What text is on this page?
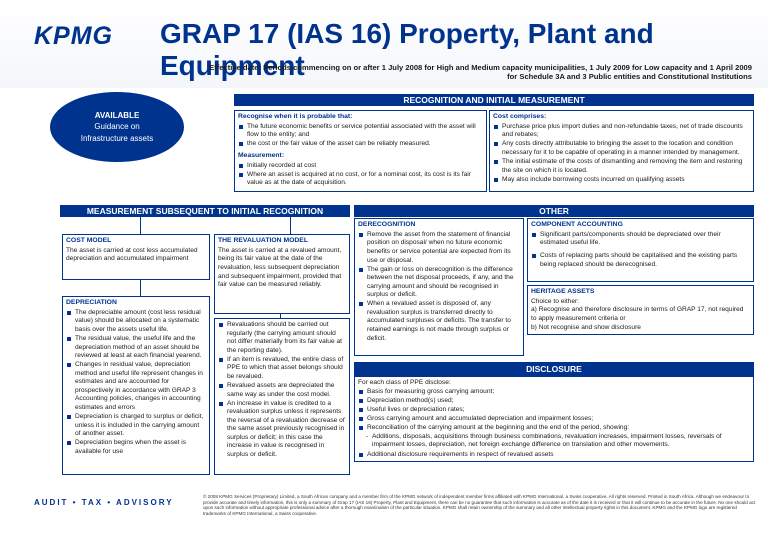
KPMG	GRAP 17 (IAS 16) Property, Plant and Equipment
Effective date: Periods commencing on or after 1 July 2008 for High and Medium capacity municipalities, 1 July 2009 for Low capacity and 1 April 2009
for Schedule 3A and 3 Public entities and Constitutional Institutions
AVAILABLE
Guidance on
Infrastructure assets
RECOGNITION AND INITIAL MEASUREMENT
Recognise when it is probable that:
The future economic benefits or service potential associated with the asset will flow to the entity; and
the cost or the fair value of the asset can be reliably measured.
Measurement:
Initially recorded at cost
Where an asset is acquired at no cost, or for a nominal cost, its cost is its fair value as at the date of acquisition.
Cost comprises:
Purchase price plus import duties and non-refundable taxes, net of trade discounts and rebates;
Any costs directly attributable to bringing the asset to the location and condition necessary for it to be capable of operating in a manner intended by management.
The initial estimate of the costs of dismantling and removing the item and restoring the site on which it is located.
May also include borrowing costs incurred on qualifying assets
MEASUREMENT SUBSEQUENT TO INITIAL RECOGNITION
COST MODEL

The asset is carried at cost less accumulated depreciation and accumulated impairment

THE REVALUATION MODEL

The asset is carried at a revalued amount, being its fair value at the date of the revaluation, less subsequent depreciation and subsequent impairment, provided that fair value can be measured reliably.

DEPRECIATION
The depreciable amount (cost less residual value) should be allocated on a systematic basis over the assets useful life.
The residual value, the useful life and the depreciation method of an asset should be reviewed at least at each financial yearend.
Changes in residual value, depreciation method and useful life represent changes in estimates and are accounted for prospectively in accordance with GRAP 3 Accounting policies, changes in accounting estimates and errors
Depreciation is charged to surplus or deficit, unless it is included in the carrying amount of another asset.
Depreciation begins when the asset is available for use
Revaluations should be carried out regularly (the carrying amount should not differ materially from its fair value at the reporting date).
If an item is revalued, the entire class of PPE to which that asset belongs should be revalued.
Revalued assets are depreciated the same way as under the cost model.
An increase in value is credited to a revaluation surplus unless it represents the reversal of a revaluation decrease of the same asset previously recognised in surplus or deficit; in this case the increase in value is recognised in surplus or deficit.
OTHER
DERECOGNITION
Remove the asset from the statement of financial position on disposal/ when no future economic benefits or service potential are expected from its use or disposal.
The gain or loss on derecognition is the difference between the net disposal proceeds, if any, and the carrying amount and should be recognised in surplus or deficit.
When a revalued asset is disposed of, any revaluation surplus is transferred directly to accumulated surpluses or deficits. The transfer to retained earnings is not made through surplus or deficit.
COMPONENT ACCOUNTING
Significant parts/components should be depreciated over their estimated useful life.
Costs of replacing parts should be capitalised and the existing parts being replaced should be derecognised.
HERITAGE ASSETS

Choice to either:

a) Recognise and therefore disclosure in terms of GRAP 17, not required to apply measurement criteria or

b) Not recognise and show disclosure

DISCLOSURE

For each class of PPE disclose:

Basis for measuring gross carrying amount;
Depreciation method(s) used;
Useful lives or depreciation rates;
Gross carrying amount and accumulated depreciation and impairment losses;
Reconciliation of the carrying amount at the beginning and the end of the period, showing:
- Additions, disposals, acquisitions through business combinations, revaluation increases, impairment losses, reversals of impairment losses, depreciation, net foreign exchange difference on translation and other movements.
Additional disclosure requirements in respect of revalued assets
AUDIT • TAX • ADVISORY
© 2008 KPMG Services (Proprietary) Limited, a South African company and a member firm of the KPMG network of independent member firms affiliated with KPMG International, a Swiss cooperative. All rights reserved. Printed in South Africa. Although we endeavour to provide accurate and timely information, this is only a summary of Grap 17 (IAS 16) Property, Plant and Equipment, there can be no guarantee that such information is accurate as of the date it is received or that it will continue to be accurate in the future. No one should act upon such information without appropriate professional advice after a thorough examination of the particular situation. KPMG shall retain ownership of the summary and all other intellectual property rights in this document. KPMG and the KPMG logo are registered trademarks of KPMG International, a Swiss cooperative.
